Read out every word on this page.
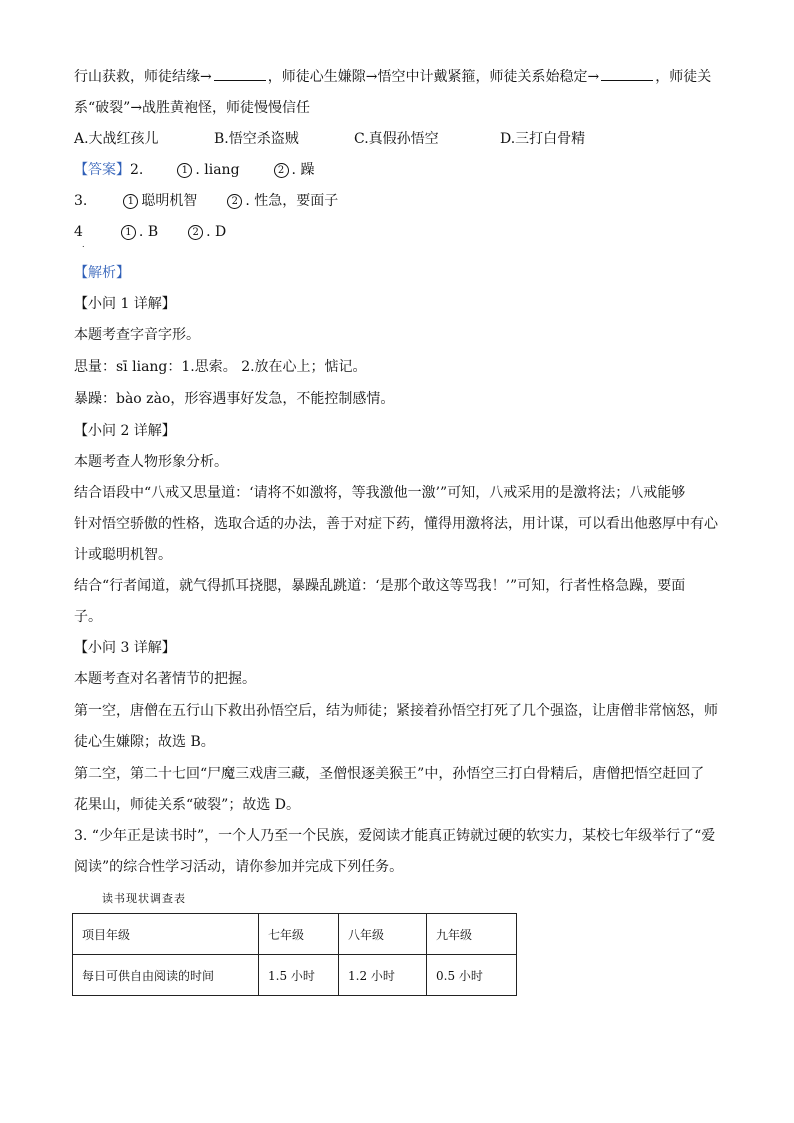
行山获救，师徒结缘→	，师徒心生嫌隙→悟空中计戴紧箍，师徒关系始稳定→	，师徒关
系“破裂”→战胜黄袍怪，师徒慢慢信任
A.大战红孩儿	B.悟空杀盗贼	C.真假孙悟空	D.三打白骨精
【答案】2.	1 . liang	2 . 躁
3.	1 聪明机智	2 . 性急，要面子
4	1 . B	2 . D
.
【解析】
【小问 1 详解】
本题考查字音字形。
思量：sī liang：1.思索。 2.放在心上；惦记。
暴躁：bào zào，形容遇事好发急，不能控制感情。
【小问 2 详解】
本题考查人物形象分析。
结合语段中“八戒又思量道：‘请将不如激将，等我激他一激’”可知，八戒采用的是激将法；八戒能够
针对悟空骄傲的性格，选取合适的办法，善于对症下药，懂得用激将法，用计谋，可以看出他憨厚中有心
计或聪明机智。
结合“行者闻道，就气得抓耳挠腮，暴躁乱跳道：‘是那个敢这等骂我！’”可知，行者性格急躁，要面
子。
【小问 3 详解】
本题考查对名著情节的把握。
第一空，唐僧在五行山下救出孙悟空后，结为师徒；紧接着孙悟空打死了几个强盗，让唐僧非常恼怒，师
徒心生嫌隙；故选 B。
第二空，第二十七回“尸魔三戏唐三藏，圣僧恨逐美猴王”中，孙悟空三打白骨精后，唐僧把悟空赶回了
花果山，师徒关系“破裂”；故选 D。
3. “少年正是读书时”，一个人乃至一个民族，爱阅读才能真正铸就过硬的软实力，某校七年级举行了“爱
阅读”的综合性学习活动，请你参加并完成下列任务。
读书现状调查表
项目年级	七年级	八年级	九年级
每日可供自由阅读的时间	1.5 小时	1.2 小时	0.5 小时
